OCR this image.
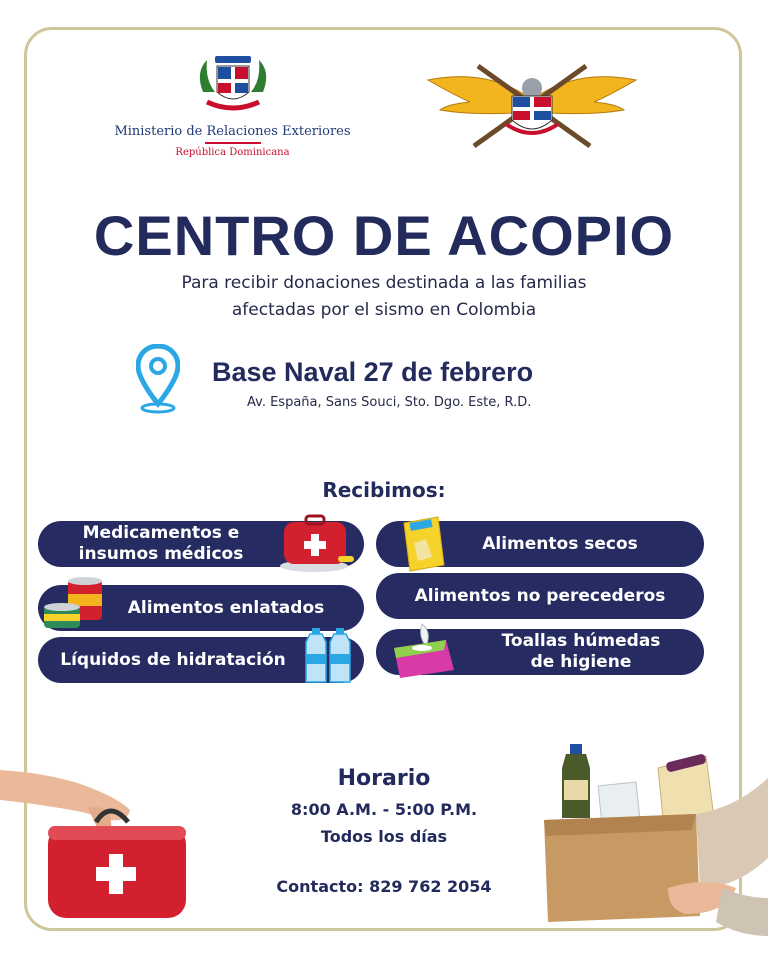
Ministerio de Relaciones Exteriores
República Dominicana
CENTRO DE ACOPIO
Para recibir donaciones destinada a las familias
afectadas por el sismo en Colombia
Base Naval 27 de febrero
Av. España, Sans Souci, Sto. Dgo. Este, R.D.
Recibimos:
Medicamentos e
insumos médicos
Alimentos secos
Alimentos enlatados
Alimentos no perecederos
Líquidos de hidratación
Toallas húmedas
de higiene
Horario
8:00 A.M. - 5:00 P.M.
Todos los días
Contacto: 829 762 2054
